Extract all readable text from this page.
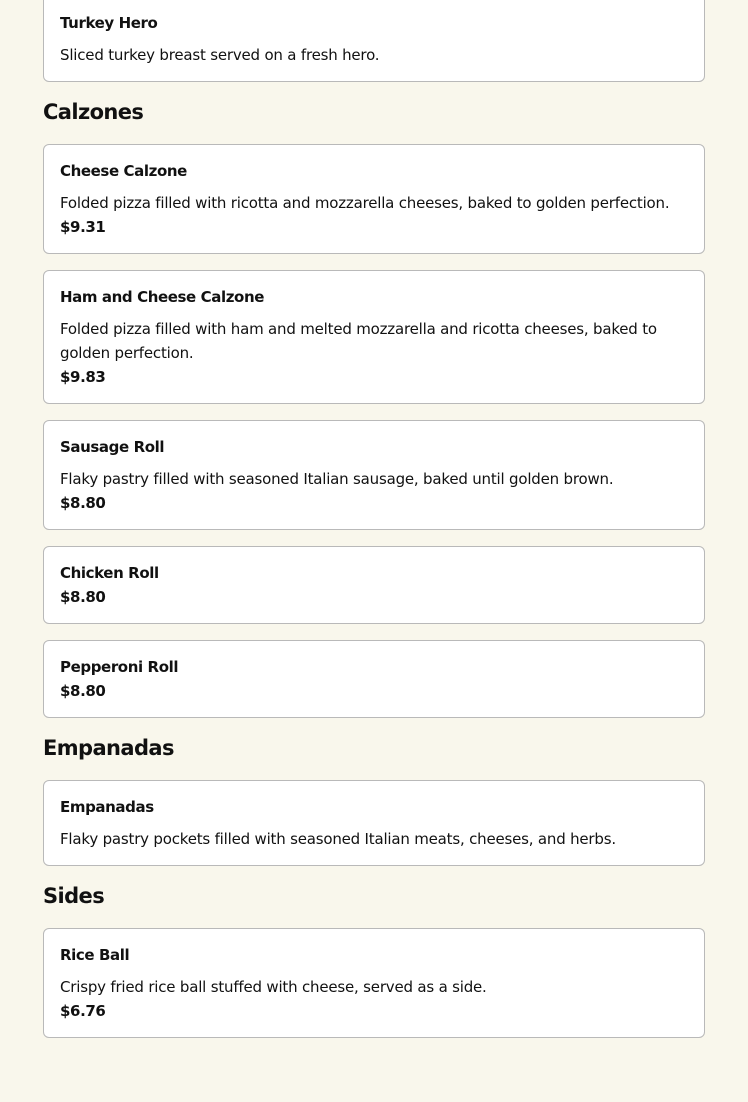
Turkey Hero
Sliced turkey breast served on a fresh hero.
Calzones
Cheese Calzone
Folded pizza filled with ricotta and mozzarella cheeses, baked to golden perfection.
$9.31
Ham and Cheese Calzone
Folded pizza filled with ham and melted mozzarella and ricotta cheeses, baked to golden perfection.
$9.83
Sausage Roll
Flaky pastry filled with seasoned Italian sausage, baked until golden brown.
$8.80
Chicken Roll
$8.80
Pepperoni Roll
$8.80
Empanadas
Empanadas
Flaky pastry pockets filled with seasoned Italian meats, cheeses, and herbs.
Sides
Rice Ball
Crispy fried rice ball stuffed with cheese, served as a side.
$6.76
